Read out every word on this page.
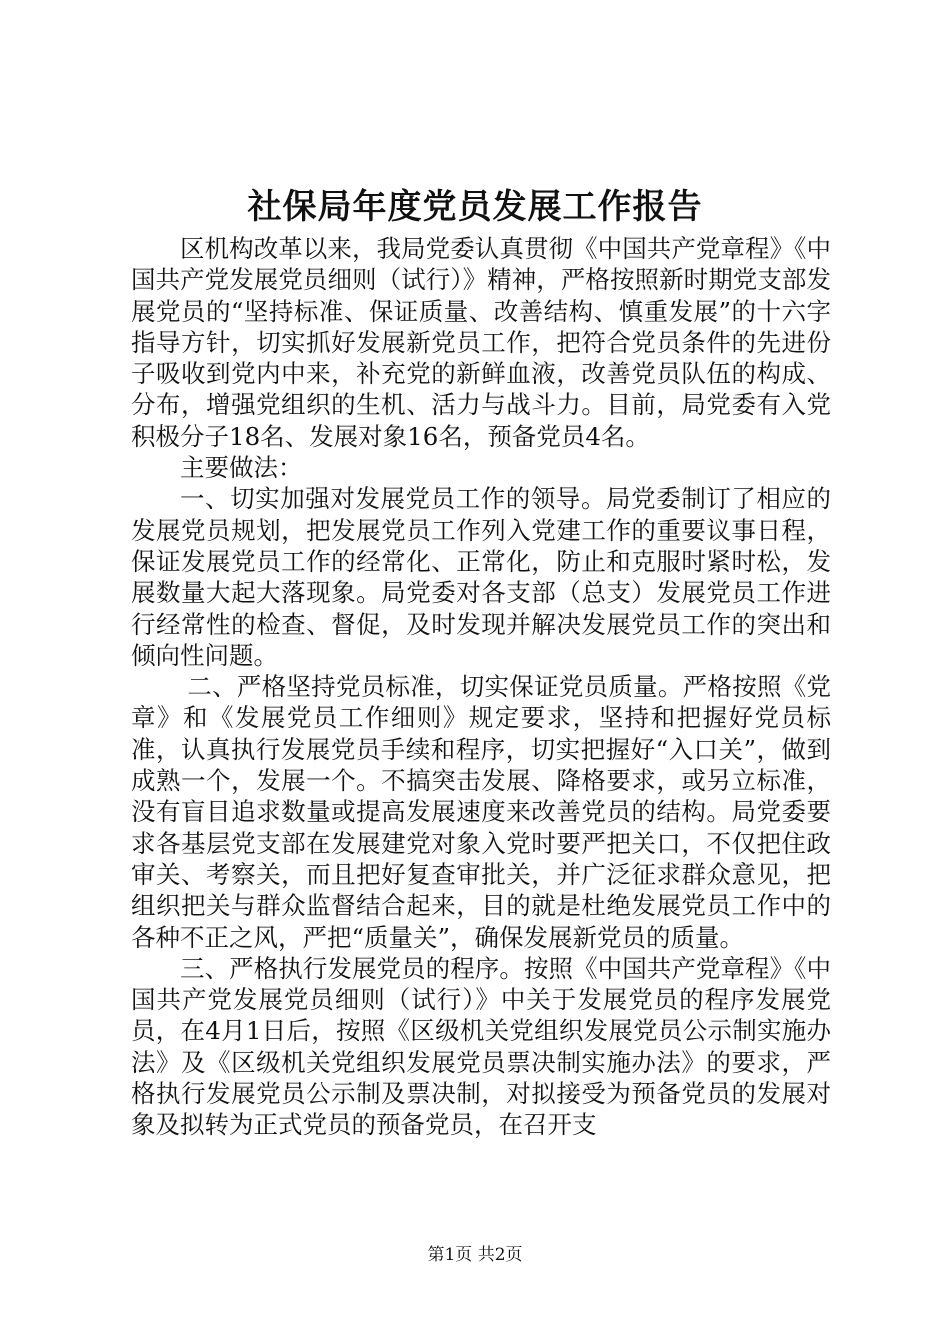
社保局年度党员发展工作报告

区机构改革以来，我局党委认真贯彻《中国共产党章程》《中国共产党发展党员细则（试行）》精神，严格按照新时期党支部发展党员的“坚持标准、保证质量、改善结构、慎重发展”的十六字指导方针，切实抓好发展新党员工作，把符合党员条件的先进份子吸收到党内中来，补充党的新鲜血液，改善党员队伍的构成、分布，增强党组织的生机、活力与战斗力。目前，局党委有入党积极分子18名、发展对象16名，预备党员4名。

主要做法：

一、切实加强对发展党员工作的领导。局党委制订了相应的发展党员规划，把发展党员工作列入党建工作的重要议事日程，保证发展党员工作的经常化、正常化，防止和克服时紧时松，发展数量大起大落现象。局党委对各支部（总支）发展党员工作进行经常性的检查、督促，及时发现并解决发展党员工作的突出和倾向性问题。

二、严格坚持党员标准，切实保证党员质量。严格按照《党章》和《发展党员工作细则》规定要求，坚持和把握好党员标准，认真执行发展党员手续和程序，切实把握好“入口关”，做到成熟一个，发展一个。不搞突击发展、降格要求，或另立标准，没有盲目追求数量或提高发展速度来改善党员的结构。局党委要求各基层党支部在发展建党对象入党时要严把关口，不仅把住政审关、考察关，而且把好复查审批关，并广泛征求群众意见，把组织把关与群众监督结合起来，目的就是杜绝发展党员工作中的各种不正之风，严把“质量关”，确保发展新党员的质量。

三、严格执行发展党员的程序。按照《中国共产党章程》《中国共产党发展党员细则（试行）》中关于发展党员的程序发展党员，在4月1日后，按照《区级机关党组织发展党员公示制实施办法》及《区级机关党组织发展党员票决制实施办法》的要求，严格执行发展党员公示制及票决制，对拟接受为预备党员的发展对象及拟转为正式党员的预备党员，在召开支

第1页 共2页
